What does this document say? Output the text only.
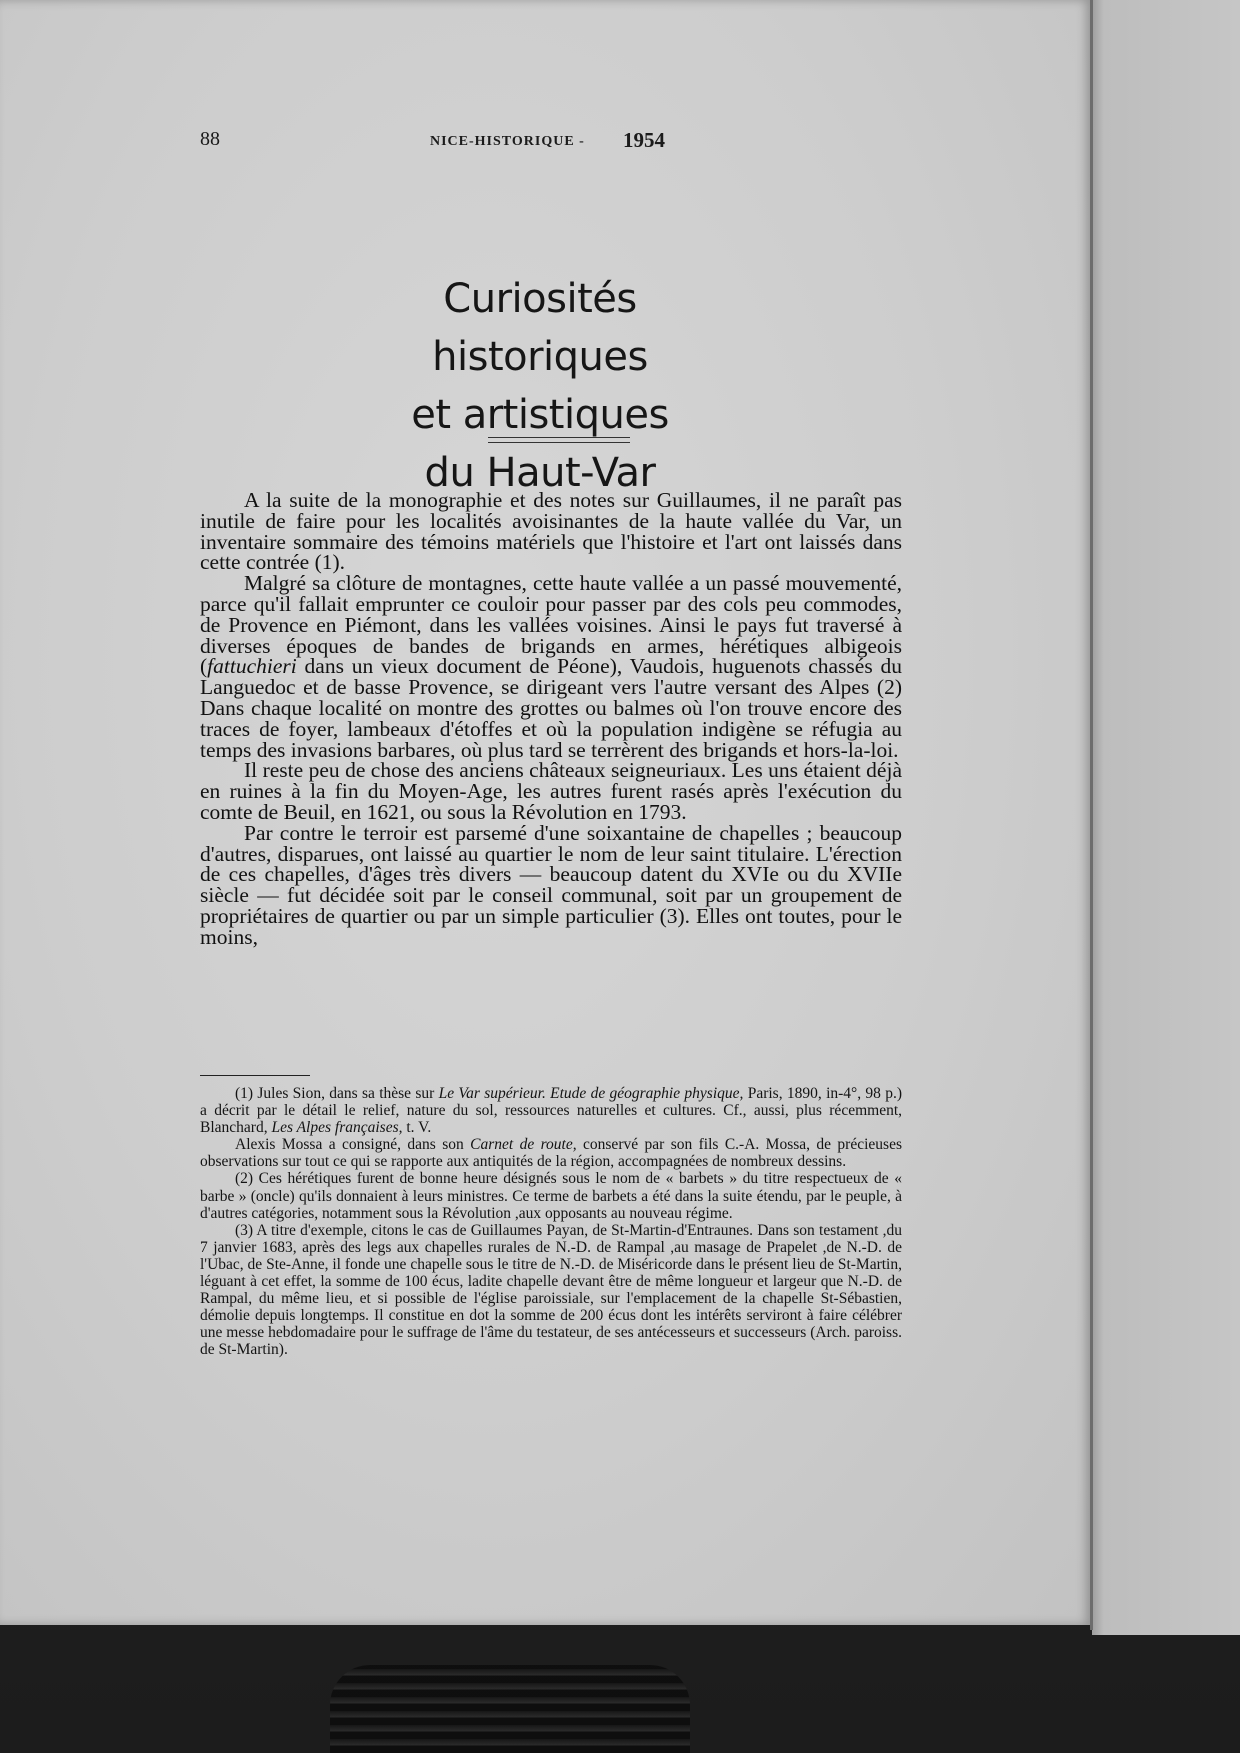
88	NICE-HISTORIQUE - 1954
Curiosités historiques
et artistiques
du Haut-Var

A la suite de la monographie et des notes sur Guillaumes, il ne paraît pas inutile de faire pour les localités avoisinantes de la haute vallée du Var, un inventaire sommaire des témoins matériels que l'histoire et l'art ont laissés dans cette contrée (1).

Malgré sa clôture de montagnes, cette haute vallée a un passé mouvementé, parce qu'il fallait emprunter ce couloir pour passer par des cols peu commodes, de Provence en Piémont, dans les vallées voisines. Ainsi le pays fut traversé à diverses époques de bandes de brigands en armes, hérétiques albigeois (fattuchieri dans un vieux document de Péone), Vaudois, huguenots chassés du Languedoc et de basse Provence, se dirigeant vers l'autre versant des Alpes (2) Dans chaque localité on montre des grottes ou balmes où l'on trouve encore des traces de foyer, lambeaux d'étoffes et où la population indigène se réfugia au temps des invasions barbares, où plus tard se terrèrent des brigands et hors-la-loi.

Il reste peu de chose des anciens châteaux seigneuriaux. Les uns étaient déjà en ruines à la fin du Moyen-Age, les autres furent rasés après l'exécution du comte de Beuil, en 1621, ou sous la Révolution en 1793.

Par contre le terroir est parsemé d'une soixantaine de chapelles ; beaucoup d'autres, disparues, ont laissé au quartier le nom de leur saint titulaire. L'érection de ces chapelles, d'âges très divers — beaucoup datent du XVIe ou du XVIIe siècle — fut décidée soit par le conseil communal, soit par un groupement de propriétaires de quartier ou par un simple particulier (3). Elles ont toutes, pour le moins,

(1) Jules Sion, dans sa thèse sur Le Var supérieur. Etude de géographie physique, Paris, 1890, in-4°, 98 p.) a décrit par le détail le relief, nature du sol, ressources naturelles et cultures. Cf., aussi, plus récemment, Blanchard, Les Alpes françaises, t. V.

Alexis Mossa a consigné, dans son Carnet de route, conservé par son fils C.-A. Mossa, de précieuses observations sur tout ce qui se rapporte aux antiquités de la région, accompagnées de nombreux dessins.

(2) Ces hérétiques furent de bonne heure désignés sous le nom de « barbets » du titre respectueux de « barbe » (oncle) qu'ils donnaient à leurs ministres. Ce terme de barbets a été dans la suite étendu, par le peuple, à d'autres catégories, notamment sous la Révolution ,aux opposants au nouveau régime.

(3) A titre d'exemple, citons le cas de Guillaumes Payan, de St-Martin-d'Entraunes. Dans son testament ,du 7 janvier 1683, après des legs aux chapelles rurales de N.-D. de Rampal ,au masage de Prapelet ,de N.-D. de l'Ubac, de Ste-Anne, il fonde une chapelle sous le titre de N.-D. de Miséricorde dans le présent lieu de St-Martin, léguant à cet effet, la somme de 100 écus, ladite chapelle devant être de même longueur et largeur que N.-D. de Rampal, du même lieu, et si possible de l'église paroissiale, sur l'emplacement de la chapelle St-Sébastien, démolie depuis longtemps. Il constitue en dot la somme de 200 écus dont les intérêts serviront à faire célébrer une messe hebdomadaire pour le suffrage de l'âme du testateur, de ses antécesseurs et successeurs (Arch. paroiss. de St-Martin).
